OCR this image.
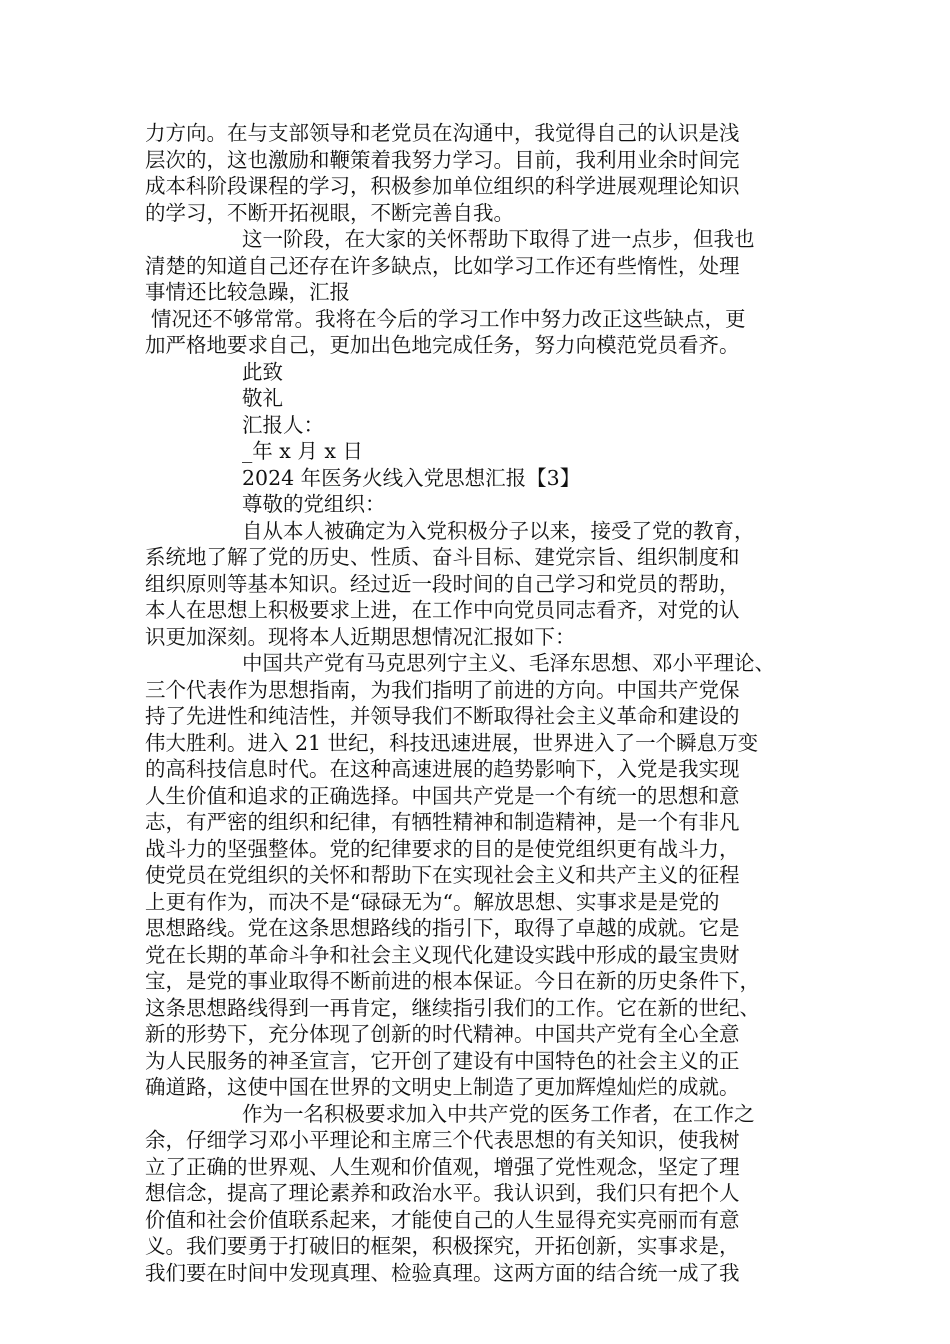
力方向。在与支部领导和老党员在沟通中，我觉得自己的认识是浅
层次的，这也激励和鞭策着我努力学习。目前，我利用业余时间完
成本科阶段课程的学习，积极参加单位组织的科学进展观理论知识
的学习，不断开拓视眼，不断完善自我。
这一阶段，在大家的关怀帮助下取得了进一点步，但我也
清楚的知道自己还存在许多缺点，比如学习工作还有些惰性，处理
事情还比较急躁，汇报
情况还不够常常。我将在今后的学习工作中努力改正这些缺点，更
加严格地要求自己，更加出色地完成任务，努力向模范党员看齐。
此致
敬礼
汇报人：
_年 x 月 x 日
2024 年医务火线入党思想汇报【3】
尊敬的党组织：
自从本人被确定为入党积极分子以来，接受了党的教育，
系统地了解了党的历史、性质、奋斗目标、建党宗旨、组织制度和
组织原则等基本知识。经过近一段时间的自己学习和党员的帮助，
本人在思想上积极要求上进，在工作中向党员同志看齐，对党的认
识更加深刻。现将本人近期思想情况汇报如下：
中国共产党有马克思列宁主义、毛泽东思想、邓小平理论、
三个代表作为思想指南，为我们指明了前进的方向。中国共产党保
持了先进性和纯洁性，并领导我们不断取得社会主义革命和建设的
伟大胜利。进入 21 世纪，科技迅速进展，世界进入了一个瞬息万变
的高科技信息时代。在这种高速进展的趋势影响下，入党是我实现
人生价值和追求的正确选择。中国共产党是一个有统一的思想和意
志，有严密的组织和纪律，有牺牲精神和制造精神，是一个有非凡
战斗力的坚强整体。党的纪律要求的目的是使党组织更有战斗力，
使党员在党组织的关怀和帮助下在实现社会主义和共产主义的征程
上更有作为，而决不是“碌碌无为“。解放思想、实事求是是党的
思想路线。党在这条思想路线的指引下，取得了卓越的成就。它是
党在长期的革命斗争和社会主义现代化建设实践中形成的最宝贵财
宝，是党的事业取得不断前进的根本保证。今日在新的历史条件下，
这条思想路线得到一再肯定，继续指引我们的工作。它在新的世纪、
新的形势下，充分体现了创新的时代精神。中国共产党有全心全意
为人民服务的神圣宣言，它开创了建设有中国特色的社会主义的正
确道路，这使中国在世界的文明史上制造了更加辉煌灿烂的成就。
作为一名积极要求加入中共产党的医务工作者，在工作之
余，仔细学习邓小平理论和主席三个代表思想的有关知识，使我树
立了正确的世界观、人生观和价值观，增强了党性观念，坚定了理
想信念，提高了理论素养和政治水平。我认识到，我们只有把个人
价值和社会价值联系起来，才能使自己的人生显得充实亮丽而有意
义。我们要勇于打破旧的框架，积极探究，开拓创新，实事求是，
我们要在时间中发现真理、检验真理。这两方面的结合统一成了我
